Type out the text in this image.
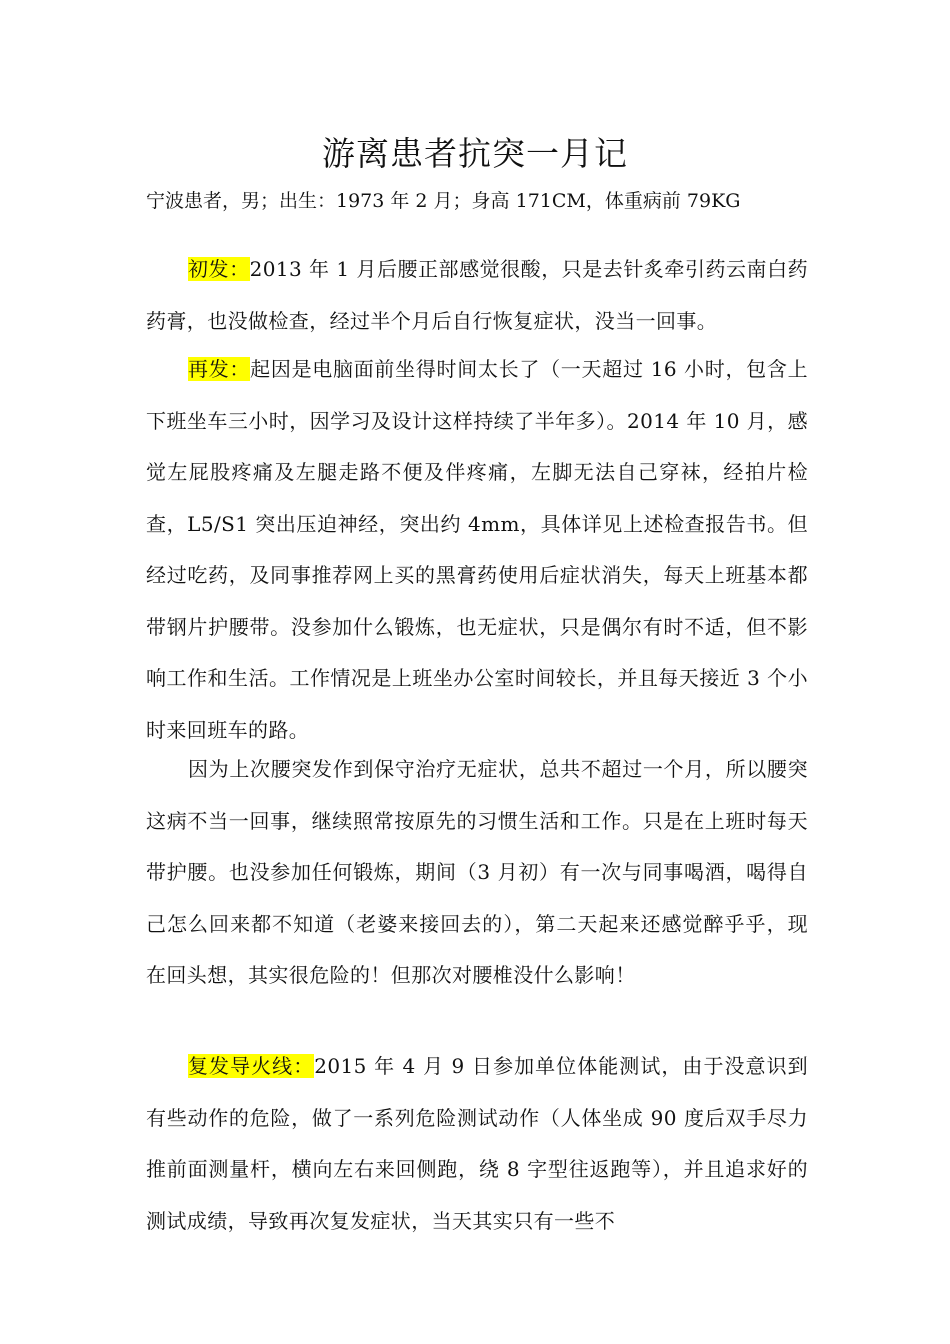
游离患者抗突一月记
宁波患者，男；出生：1973 年 2 月；身高 171CM，体重病前 79KG

初发：2013 年 1 月后腰正部感觉很酸，只是去针炙牵引药云南白药药膏，也没做检查，经过半个月后自行恢复症状，没当一回事。

再发：起因是电脑面前坐得时间太长了（一天超过 16 小时，包含上下班坐车三小时，因学习及设计这样持续了半年多）。2014 年 10 月，感觉左屁股疼痛及左腿走路不便及伴疼痛，左脚无法自己穿袜，经拍片检查，L5/S1 突出压迫神经，突出约 4mm，具体详见上述检查报告书。但经过吃药，及同事推荐网上买的黑膏药使用后症状消失，每天上班基本都带钢片护腰带。没参加什么锻炼，也无症状，只是偶尔有时不适，但不影响工作和生活。工作情况是上班坐办公室时间较长，并且每天接近 3 个小时来回班车的路。

因为上次腰突发作到保守治疗无症状，总共不超过一个月，所以腰突这病不当一回事，继续照常按原先的习惯生活和工作。只是在上班时每天带护腰。也没参加任何锻炼，期间（3 月初）有一次与同事喝酒，喝得自己怎么回来都不知道（老婆来接回去的），第二天起来还感觉醉乎乎，现在回头想，其实很危险的！但那次对腰椎没什么影响！

复发导火线：2015 年 4 月 9 日参加单位体能测试，由于没意识到有些动作的危险，做了一系列危险测试动作（人体坐成 90 度后双手尽力推前面测量杆，横向左右来回侧跑，绕 8 字型往返跑等），并且追求好的测试成绩，导致再次复发症状，当天其实只有一些不
